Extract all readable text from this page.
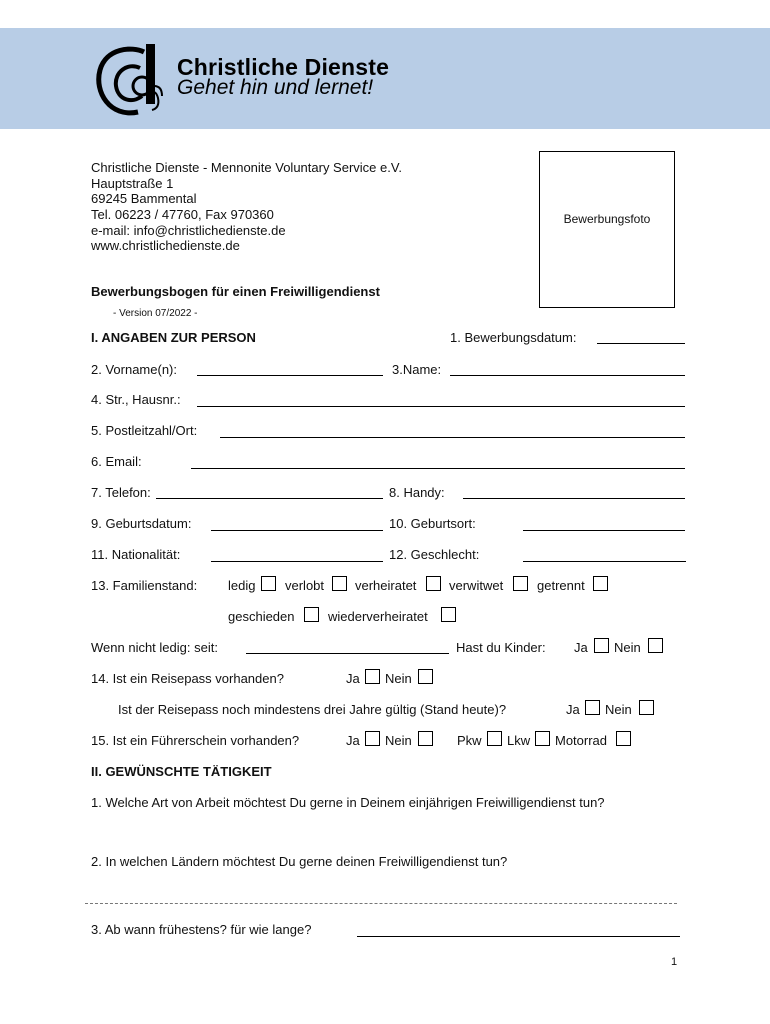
Christliche Dienste
Gehet hin und lernet!
Christliche Dienste - Mennonite Voluntary Service e.V.
Hauptstraße 1
69245 Bammental
Tel. 06223 / 47760, Fax 970360
e-mail: info@christlichedienste.de
www.christlichedienste.de
Bewerbungsfoto
Bewerbungsbogen für einen Freiwilligendienst
- Version 07/2022 -
I. ANGABEN ZUR PERSON	1. Bewerbungsdatum:
2. Vorname(n):	3.Name:
4. Str., Hausnr.:
5. Postleitzahl/Ort:
6. Email:
7. Telefon:	8. Handy:
9. Geburtsdatum:	10. Geburtsort:
11. Nationalität:	12. Geschlecht:
13. Familienstand: ledig verlobt verheiratet	verwitwet	getrennt
geschieden	wiederverheiratet
Wenn nicht ledig: seit:	Hast du Kinder: Ja Nein
14. Ist ein Reisepass vorhanden?	Ja Nein
Ist der Reisepass noch mindestens drei Jahre gültig (Stand heute)?	Ja Nein
15. Ist ein Führerschein vorhanden?	Ja Nein	Pkw Lkw Motorrad
II. GEWÜNSCHTE TÄTIGKEIT
1. Welche Art von Arbeit möchtest Du gerne in Deinem einjährigen Freiwilligendienst tun?
2. In welchen Ländern möchtest Du gerne deinen Freiwilligendienst tun?
3. Ab wann frühestens? für wie lange?
1
